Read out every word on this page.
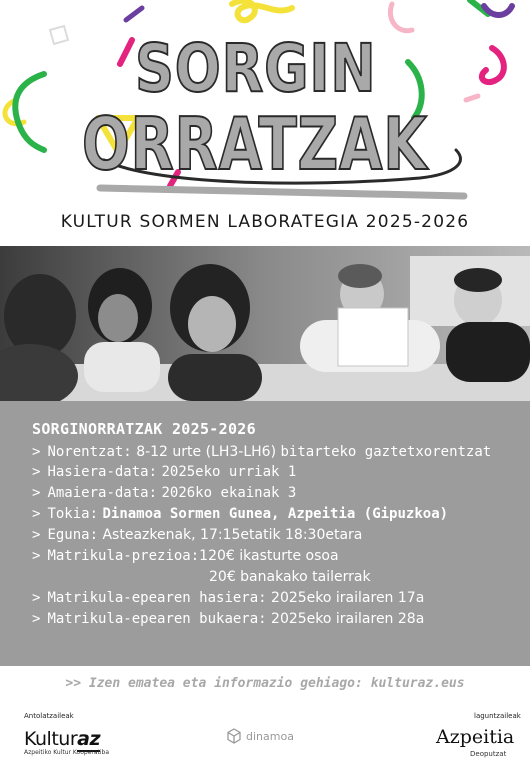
SORGIN
ORRATZAK
KULTUR SORMEN LABORATEGIA 2025-2026
SORGINORRATZAK 2025-2026
> Norentzat: 8-12 urte (LH3-LH6) bitarteko gaztetxorentzat
> Hasiera-data: 2025eko urriak 1
> Amaiera-data: 2026ko ekainak 3
> Tokia: Dinamoa Sormen Gunea, Azpeitia (Gipuzkoa)
> Eguna: Asteazkenak, 17:15etatik 18:30etara
> Matrikula-prezioa:120€ ikasturte osoa
20€ banakako tailerrak
> Matrikula-epearen hasiera: 2025eko irailaren 17a
> Matrikula-epearen bukaera: 2025eko irailaren 28a
>> Izen ematea eta informazio gehiago: kulturaz.eus
Antolatzaileak	laguntzaileak
Kulturaz
Azpeitiko Kultur Kooperatiba
dinamoa	Azpeitia
Deoputzat
